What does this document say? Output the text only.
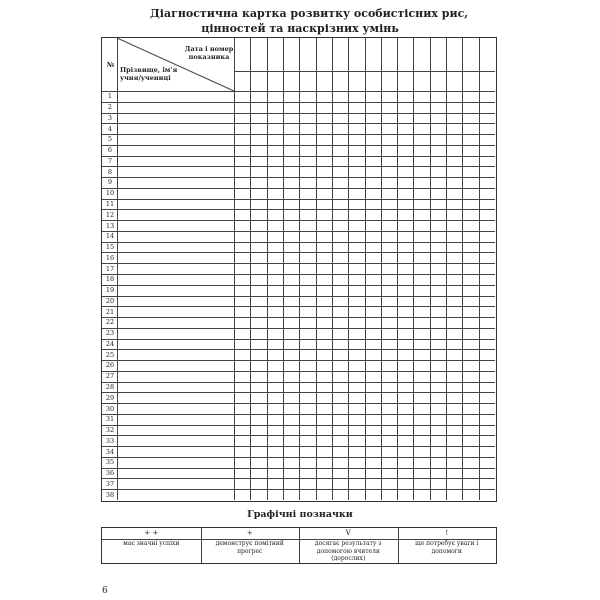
Діагностична картка розвитку особистісних рис,
цінностей та наскрізних умінь
№
Дата і номер показника
Прізвище, ім'я учня/учениці
1
2
3
4
5
6
7
8
9
10
11
12
13
14
15
16
17
18
19
20
21
22
23
24
25
26
27
28
29
30
31
32
33
34
35
36
37
38
Графічні позначки
+ +
має значні успіхи
+
демонструє помітний прогрес
V
досягає результату з допомогою вчителя (дорослих)
!
ще потребує уваги і допомоги
6
